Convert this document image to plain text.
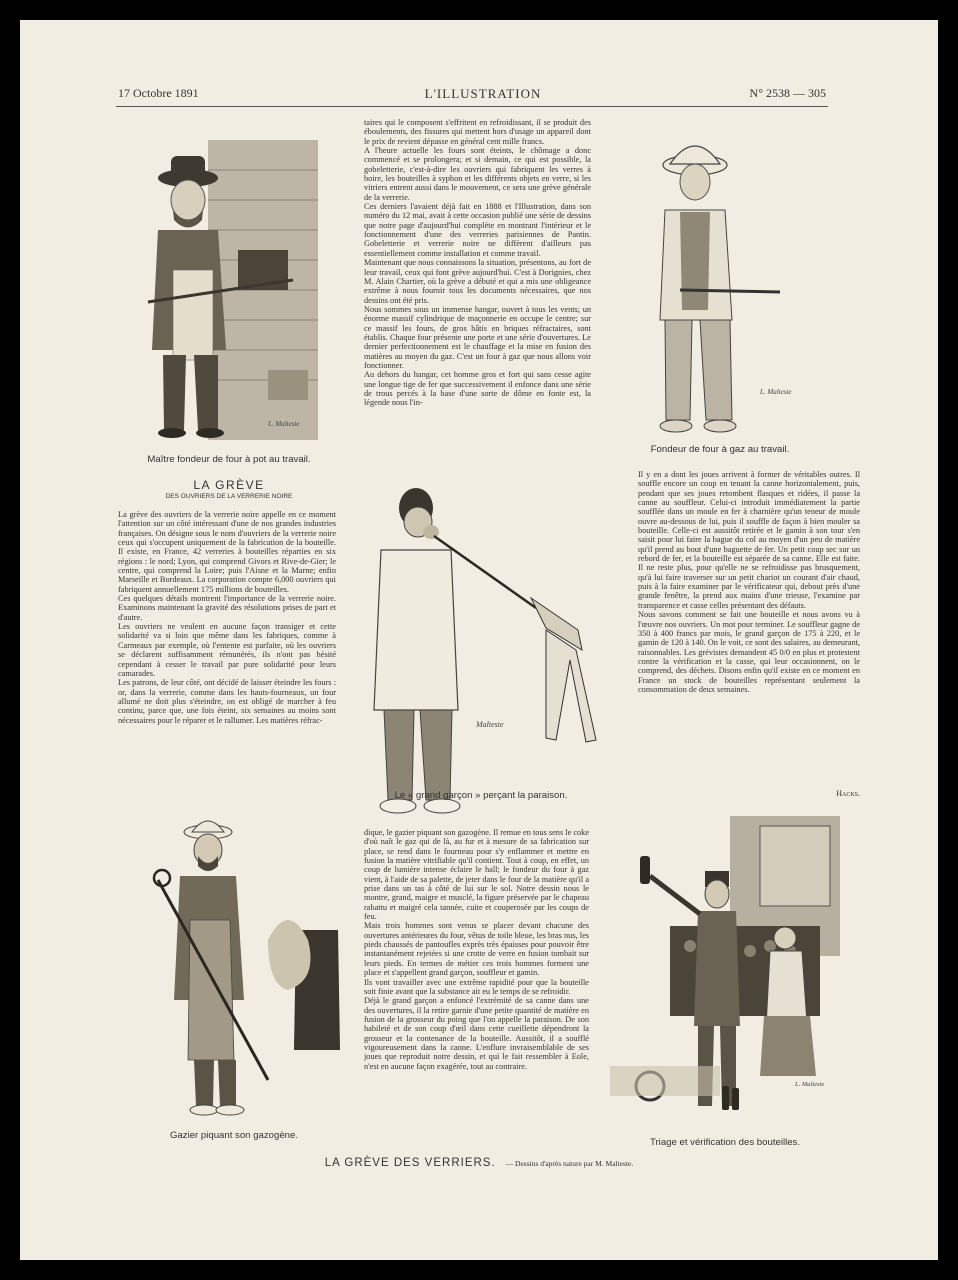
17 Octobre 1891	L'ILLUSTRATION	N° 2538 — 305
L. Malteste
Maître fondeur de four à pot au travail.
taires qui le composent s'effritent en refroidissant, il se produit des éboulements, des fissures qui mettent hors d'usage un appareil dont le prix de revient dépasse en général cent mille francs.
A l'heure actuelle les fours sont éteints, le chômage a donc commencé et se prolongera; et si demain, ce qui est possible, la gobeletterie, c'est-à-dire les ouvriers qui fabriquent les verres à boire, les bouteilles à syphon et les différents objets en verre, si les vitriers entrent aussi dans le mouvement, ce sera une grève générale de la verrerie.
Ces derniers l'avaient déjà fait en 1888 et l'Illustration, dans son numéro du 12 mai, avait à cette occasion publié une série de dessins que notre page d'aujourd'hui complète en montrant l'intérieur et le fonctionnement d'une des verreries parisiennes de Pantin. Gobeletterie et verrerie noire ne diffèrent d'ailleurs pas essentiellement comme installation et comme travail.
Maintenant que nous connaissons la situation, présentons, au fort de leur travail, ceux qui font grève aujourd'hui. C'est à Dorignies, chez M. Alain Chartier, où la grève a débuté et qui a mis une obligeance extrême à nous fournir tous les documents nécessaires, que nos dessins ont été pris.
Nous sommes sous un immense hangar, ouvert à tous les vents; un énorme massif cylindrique de maçonnerie en occupe le centre; sur ce massif les fours, de gros bâtis en briques réfractaires, sont établis. Chaque four présente une porte et une série d'ouvertures. Le dernier perfectionnement est le chauffage et la mise en fusion des matières au moyen du gaz. C'est un four à gaz que nous allons voir fonctionner.
Au dehors du hangar, cet homme gros et fort qui sans cesse agite une longue tige de fer que successivement il enfonce dans une série de trous percés à la base d'une sorte de dôme en fonte est, la légende nous l'in-
L. Malteste
Fondeur de four à gaz au travail.
LA GRÈVE
DES OUVRIERS DE LA VERRERIE NOIRE
La grève des ouvriers de la verrerie noire appelle en ce moment l'attention sur un côté intéressant d'une de nos grandes industries françaises. On désigne sous le nom d'ouvriers de la verrerie noire ceux qui s'occupent uniquement de la fabrication de la bouteille. Il existe, en France, 42 verreries à bouteilles réparties en six régions : le nord; Lyon, qui comprend Givors et Rive-de-Gier; le centre, qui comprend la Loire; puis l'Aisne et la Marne; enfin Marseille et Bordeaux. La corporation compte 6,000 ouvriers qui fabriquent annuellement 175 millions de bouteilles.
Ces quelques détails montrent l'importance de la verrerie noire. Examinons maintenant la gravité des résolutions prises de part et d'autre.
Les ouvriers ne veulent en aucune façon transiger et cette solidarité va si loin que même dans les fabriques, comme à Carmeaux par exemple, où l'entente est parfaite, où les ouvriers se déclarent suffisamment rémunérés, ils n'ont pas hésité cependant à cesser le travail par pure solidarité pour leurs camarades.
Les patrons, de leur côté, ont décidé de laisser éteindre les fours : or, dans la verrerie, comme dans les hauts-fourneaux, un four allumé ne doit plus s'éteindre, on est obligé de marcher à feu continu, parce que, une fois éteint, six semaines au moins sont nécessaires pour le réparer et le rallumer. Les matières réfrac-	Malteste
Le « grand garçon » perçant la paraison.
Il y en a dont les joues arrivent à former de véritables outres. Il souffle encore un coup en tenant la canne horizontalement, puis, pendant que ses joues retombent flasques et ridées, il passe la canne au souffleur. Celui-ci introduit immédiatement la partie soufflée dans un moule en fer à charnière qu'un teneur de moule ouvre au-dessous de lui, puis il souffle de façon à bien mouler sa bouteille. Celle-ci est aussitôt retirée et le gamin à son tour s'en saisit pour lui faire la bague du col au moyen d'un peu de matière qu'il prend au bout d'une baguette de fer. Un petit coup sec sur un rebord de fer, et la bouteille est séparée de sa canne. Elle est faite. Il ne reste plus, pour qu'elle ne se refroidisse pas brusquement, qu'à lui faire traverser sur un petit chariot un courant d'air chaud, puis à la faire examiner par le vérificateur qui, debout près d'une grande fenêtre, la prend aux mains d'une trieuse, l'examine par transparence et casse celles présentant des défauts.
Nous savons comment se fait une bouteille et nous avons vu à l'œuvre nos ouvriers. Un mot pour terminer. Le souffleur gagne de 350 à 400 francs par mois, le grand garçon de 175 à 220, et le gamin de 120 à 140. On le voit, ce sont des salaires, au demeurant, raisonnables. Les grévistes demandent 45 0/0 en plus et protestent contre la vérification et la casse, qui leur occasionnent, on le comprend, des déchets. Disons enfin qu'il existe en ce moment en France un stock de bouteilles représentant seulement la consommation de deux semaines.
Hacks.
Gazier piquant son gazogène.
dique, le gazier piquant son gazogène. Il remue en tous sens le coke d'où naît le gaz qui de là, au fur et à mesure de sa fabrication sur place, se rend dans le fourneau pour s'y enflammer et mettre en fusion la matière vitrifiable qu'il contient. Tout à coup, en effet, un coup de lumière intense éclaire le hall; le fondeur du four à gaz vient, à l'aide de sa palette, de jeter dans le four de la matière qu'il a prise dans un tas à côté de lui sur le sol. Notre dessin nous le montre, grand, maigre et musclé, la figure préservée par le chapeau rabattu et maigré cela tannée, cuite et couperosée par les coups de feu.
Mais trois hommes sont venus se placer devant chacune des ouvertures antérieures du four, vêtus de toile bleue, les bras nus, les pieds chaussés de pantoufles exprès très épaisses pour pouvoir être instantanément rejetées si une crotte de verre en fusion tombait sur leurs pieds. En termes de métier ces trois hommes forment une place et s'appellent grand garçon, souffleur et gamin.
Ils vont travailler avec une extrême rapidité pour que la bouteille soit finie avant que la substance ait eu le temps de se refroidir.
Déjà le grand garçon a enfoncé l'extrémité de sa canne dans une des ouvertures, il la retire garnie d'une petite quantité de matière en fusion de la grosseur du poing que l'on appelle la paraison. De son habileté et de son coup d'œil dans cette cueillette dépendront la grosseur et la contenance de la bouteille. Aussitôt, il a soufflé vigoureusement dans la canne. L'enflure invraisemblable de ses joues que reproduit notre dessin, et qui le fait ressembler à Eole, n'est en aucune façon exagérée, tout au contraire.
L. Malteste
Triage et vérification des bouteilles.
LA GRÈVE DES VERRIERS. — Dessins d'après nature par M. Malteste.
